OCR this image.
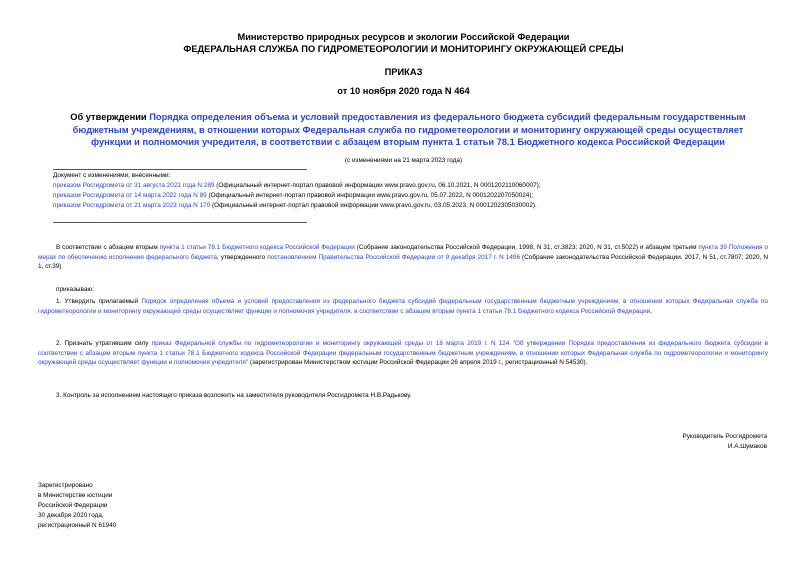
Министерство природных ресурсов и экологии Российской Федерации
ФЕДЕРАЛЬНАЯ СЛУЖБА ПО ГИДРОМЕТЕОРОЛОГИИ И МОНИТОРИНГУ ОКРУЖАЮЩЕЙ СРЕДЫ
ПРИКАЗ
от 10 ноября 2020 года N 464
Об утверждении Порядка определения объема и условий предоставления из федерального бюджета субсидий федеральным государственным бюджетным учреждениям, в отношении которых Федеральная служба по гидрометеорологии и мониторингу окружающей среды осуществляет функции и полномочия учредителя, в соответствии с абзацем вторым пункта 1 статьи 78.1 Бюджетного кодекса Российской Федерации
(с изменениями на 21 марта 2023 года)
Документ с изменениями, внесенными:
приказом Росгидромета от 31 августа 2021 года N 289 (Официальный интернет-портал правовой информации www.pravo.gov.ru, 06.10.2021, N 0001202110060007);
приказом Росгидромета от 14 марта 2022 года N 89 (Официальный интернет-портал правовой информации www.pravo.gov.ru, 05.07.2022, N 0001202207050024);
приказом Росгидромета от 21 марта 2023 года N 170 (Официальный интернет-портал правовой информации www.pravo.gov.ru, 03.05.2023, N 0001202305030002).
В соответствии с абзацем вторым пункта 1 статьи 78.1 Бюджетного кодекса Российской Федерации (Собрание законодательства Российской Федерации, 1998, N 31, ст.3823; 2020, N 31, ст.5022) и абзацем третьим пункта 39 Положения о мерах по обеспечению исполнения федерального бюджета, утвержденного постановлением Правительства Российской Федерации от 9 декабря 2017 г. N 1496 (Собрание законодательства Российской Федерации, 2017, N 51, ст.7807; 2020, N 1, ст.39)
приказываю:
1. Утвердить прилагаемый Порядок определения объема и условий предоставления из федерального бюджета субсидий федеральным государственным бюджетным учреждениям, в отношении которых Федеральная служба по гидрометеорологии и мониторингу окружающей среды осуществляет функции и полномочия учредителя, в соответствии с абзацем вторым пункта 1 статьи 78.1 Бюджетного кодекса Российской Федерации.
2. Признать утратившим силу приказ Федеральной службы по гидрометеорологии и мониторингу окружающей среды от 18 марта 2019 г. N 124 "Об утверждении Порядка предоставления из федерального бюджета субсидии в соответствии с абзацем вторым пункта 1 статьи 78.1 Бюджетного кодекса Российской Федерации федеральным государственным бюджетным учреждениям, в отношении которых Федеральная служба по гидрометеорологии и мониторингу окружающей среды осуществляет функции и полномочия учредителя" (зарегистрирован Министерством юстиции Российской Федерации 26 апреля 2019 г., регистрационный N 54530).
3. Контроль за исполнением настоящего приказа возложить на заместителя руководителя Росгидромета Н.В.Радькову.
Руководитель Росгидромета
И.А.Шумаков
Зарегистрировано
в Министерстве юстиции
Российской Федерации
30 декабря 2020 года,
регистрационный N 61940
